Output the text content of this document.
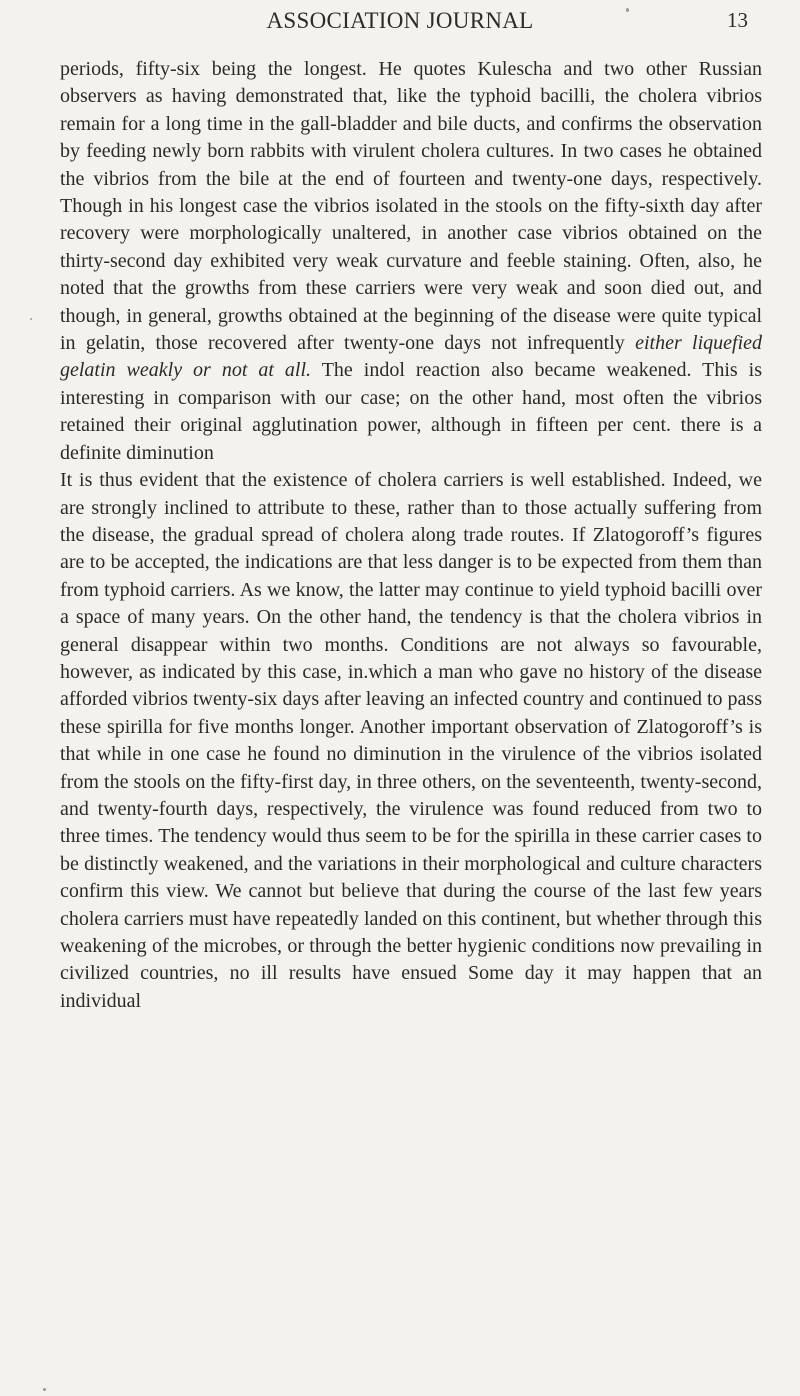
ASSOCIATION JOURNAL	13

periods, fifty-six being the longest. He quotes Kulescha and two other Russian observers as having demonstrated that, like the typhoid bacilli, the cholera vibrios remain for a long time in the gall-bladder and bile ducts, and confirms the observation by feeding newly born rabbits with virulent cholera cultures. In two cases he obtained the vibrios from the bile at the end of fourteen and twenty-one days, respectively. Though in his longest case the vibrios isolated in the stools on the fifty-sixth day after recovery were morphologically unaltered, in another case vibrios obtained on the thirty-second day exhibited very weak curvature and feeble staining. Often, also, he noted that the growths from these carriers were very weak and soon died out, and though, in general, growths obtained at the beginning of the disease were quite typical in gelatin, those recovered after twenty-one days not infrequently either liquefied gelatin weakly or not at all. The indol reaction also became weakened. This is interesting in comparison with our case; on the other hand, most often the vibrios retained their original agglutination power, although in fifteen per cent. there is a definite diminution

It is thus evident that the existence of cholera carriers is well established. Indeed, we are strongly inclined to attribute to these, rather than to those actually suffering from the disease, the gradual spread of cholera along trade routes. If Zlatogoroff’s figures are to be accepted, the indications are that less danger is to be expected from them than from typhoid carriers. As we know, the latter may continue to yield typhoid bacilli over a space of many years. On the other hand, the tendency is that the cholera vibrios in general disappear within two months. Conditions are not always so favourable, however, as indicated by this case, in.which a man who gave no history of the disease afforded vibrios twenty-six days after leaving an infected country and continued to pass these spirilla for five months longer. Another important observation of Zlatogoroff’s is that while in one case he found no diminution in the virulence of the vibrios isolated from the stools on the fifty-first day, in three others, on the seventeenth, twenty-second, and twenty-fourth days, respectively, the virulence was found reduced from two to three times. The tendency would thus seem to be for the spirilla in these carrier cases to be distinctly weakened, and the variations in their morphological and culture characters confirm this view. We cannot but believe that during the course of the last few years cholera carriers must have repeatedly landed on this continent, but whether through this weakening of the microbes, or through the better hygienic conditions now prevailing in civilized countries, no ill results have ensued Some day it may happen that an individual
